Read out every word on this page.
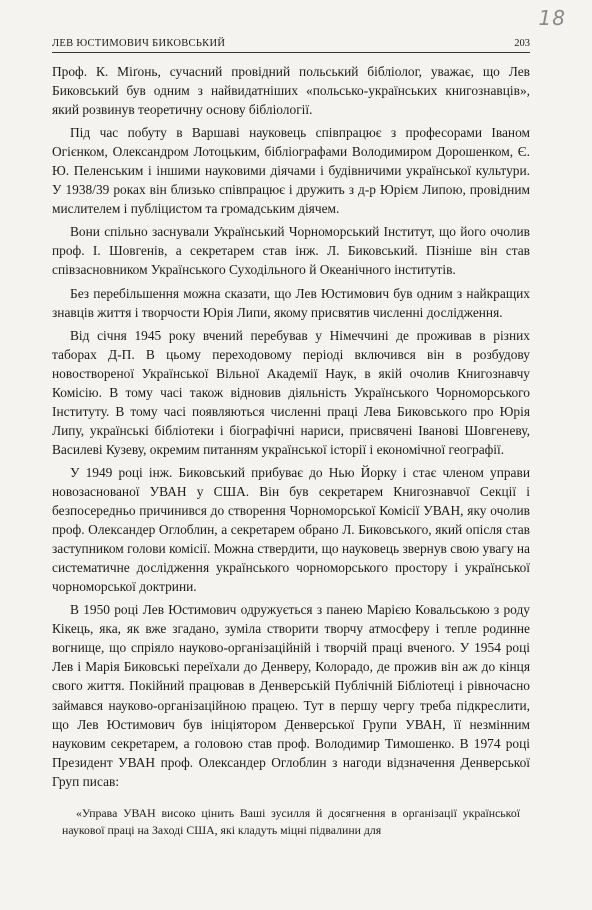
18
ЛЕВ ЮСТИМОВИЧ БИКОВСЬКИЙ	203

Проф. К. Міґонь, сучасний провідний польський бібліолог, уважає, що Лев Биковський був одним з найвидатніших «польсько-українських книгознавців», який розвинув теоретичну основу бібліології.

Під час побуту в Варшаві науковець співпрацює з професорами Іваном Огієнком, Олександром Лотоцьким, бібліографами Володимиром Дорошенком, Є. Ю. Пеленським і іншими науковими діячами і будівничими української культури. У 1938/39 роках він близько співпрацює і дружить з д-р Юрієм Липою, провідним мислителем і публіцистом та громадським діячем.

Вони спільно заснували Український Чорноморський Інститут, що його очолив проф. І. Шовгенів, а секретарем став інж. Л. Биковський. Пізніше він став співзасновником Українського Суходільного й Океанічного інститутів.

Без перебільшення можна сказати, що Лев Юстимович був одним з найкращих знавців життя і творчости Юрія Липи, якому присвятив численні дослідження.

Від січня 1945 року вчений перебував у Німеччині де проживав в різних таборах Д-П. В цьому переходовому періоді включився він в розбудову новоствореної Української Вільної Академії Наук, в якій очолив Книгознавчу Комісію. В тому часі також відновив діяльність Українського Чорноморського Інституту. В тому часі появляються численні праці Лева Биковського про Юрія Липу, українські бібліотеки і біографічні нариси, присвячені Іванові Шовгеневу, Василеві Кузеву, окремим питанням української історії і економічної географії.

У 1949 році інж. Биковський прибуває до Нью Йорку і стає членом управи новозаснованої УВАН у США. Він був секретарем Книгознавчої Секції і безпосередньо причинився до створення Чорноморської Комісії УВАН, яку очолив проф. Олександер Оглоблин, а секретарем обрано Л. Биковського, який опісля став заступником голови комісії. Можна ствердити, що науковець звернув свою увагу на систематичне дослідження українського чорноморського простору і української чорноморської доктрини.

В 1950 році Лев Юстимович одружується з панею Марією Ковальською з роду Кікець, яка, як вже згадано, зуміла створити творчу атмосферу і тепле родинне вогнище, що спріяло науково-організаційній і творчій праці вченого. У 1954 році Лев і Марія Биковські переїхали до Денверу, Колорадо, де прожив він аж до кінця свого життя. Покійний працював в Денверській Публічній Бібліотеці і рівночасно займався науково-організаційною працею. Тут в першу чергу треба підкреслити, що Лев Юстимович був ініціятором Денверської Групи УВАН, її незмінним науковим секретарем, а головою став проф. Володимир Тимошенко. В 1974 році Президент УВАН проф. Олександер Оглоблин з нагоди відзначення Денверської Груп писав:

«Управа УВАН високо цінить Ваші зусилля й досягнення в організації української наукової праці на Заході США, які кладуть міцні підвалини для
